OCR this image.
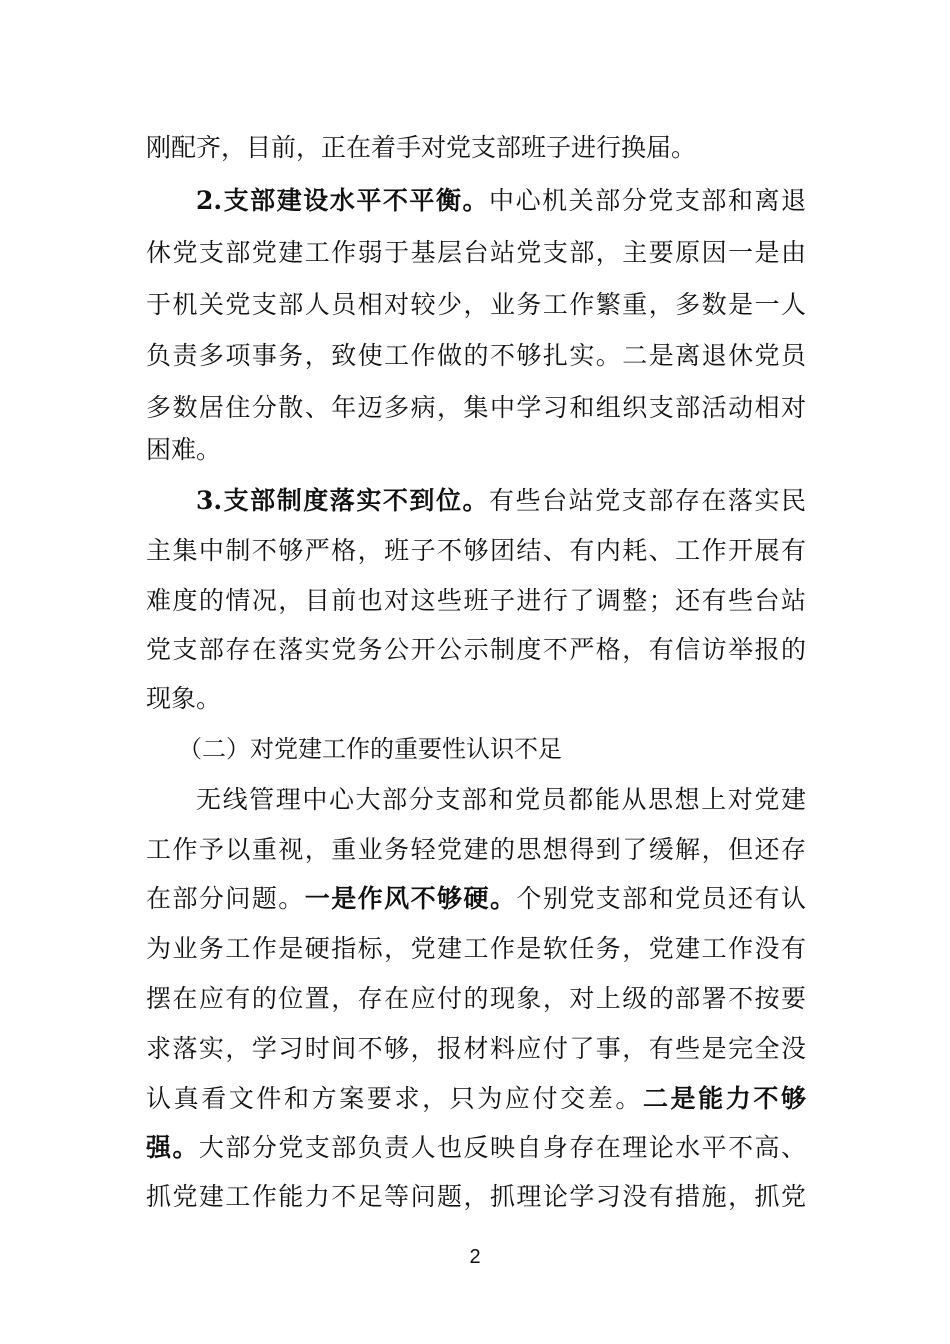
刚配齐，目前，正在着手对党支部班子进行换届。
2.支部建设水平不平衡。中心机关部分党支部和离退
休党支部党建工作弱于基层台站党支部，主要原因一是由
于机关党支部人员相对较少，业务工作繁重，多数是一人
负责多项事务，致使工作做的不够扎实。二是离退休党员
多数居住分散、年迈多病，集中学习和组织支部活动相对
困难。
3.支部制度落实不到位。有些台站党支部存在落实民
主集中制不够严格，班子不够团结、有内耗、工作开展有
难度的情况，目前也对这些班子进行了调整；还有些台站
党支部存在落实党务公开公示制度不严格，有信访举报的
现象。
（二）对党建工作的重要性认识不足
无线管理中心大部分支部和党员都能从思想上对党建
工作予以重视，重业务轻党建的思想得到了缓解，但还存
在部分问题。一是作风不够硬。个别党支部和党员还有认
为业务工作是硬指标，党建工作是软任务，党建工作没有
摆在应有的位置，存在应付的现象，对上级的部署不按要
求落实，学习时间不够，报材料应付了事，有些是完全没
认真看文件和方案要求，只为应付交差。二是能力不够
强。大部分党支部负责人也反映自身存在理论水平不高、
抓党建工作能力不足等问题，抓理论学习没有措施，抓党
2
